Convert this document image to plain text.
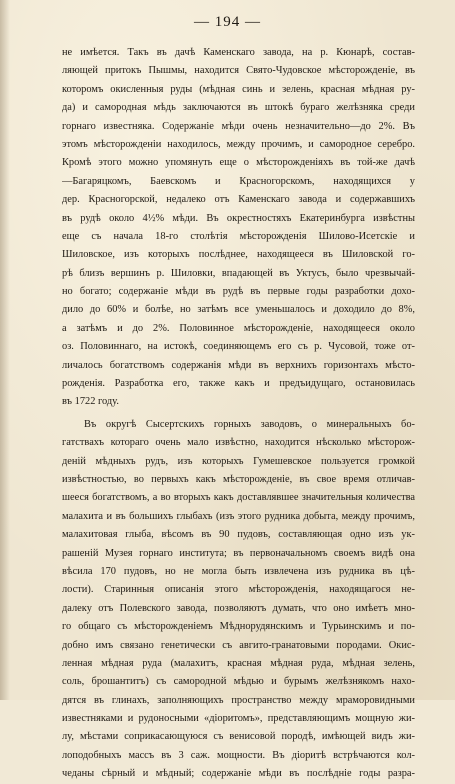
— 194 —
не имѣется. Такъ въ дачѣ Каменскаго завода, на р. Кюнарѣ, состав-
ляющей притокъ Пышмы, находится Свято-Чудовское мѣсторожденіе, въ
которомъ окисленныя руды (мѣдная синь и зелень, красная мѣдная ру-
да) и самородная мѣдь заключаются въ штокѣ бураго желѣзняка среди
горнаго известняка. Содержаніе мѣди очень незначительно—до 2%. Въ
этомъ мѣсторожденіи находилось, между прочимъ, и самородное серебро.
Кромѣ этого можно упомянуть еще о мѣсторожденіяхъ въ той-же дачѣ
—Багаряцкомъ, Баевскомъ и Красногорскомъ, находящихся у
дер. Красногорской, недалеко отъ Каменскаго завода и содержавшихъ
въ рудѣ около 4½% мѣди. Въ окрестностяхъ Екатеринбурга извѣстны
еще съ начала 18-го столѣтія мѣсторожденія Шилово-Исетскіе и
Шиловское, изъ которыхъ послѣднее, находящееся въ Шиловской го-
рѣ близъ вершинъ р. Шиловки, впадающей въ Уктусъ, было чрезвычай-
но богато; содержаніе мѣди въ рудѣ въ первые годы разработки дохо-
дило до 60% и болѣе, но затѣмъ все уменьшалось и доходило до 8%,
а затѣмъ и до 2%. Половинное мѣсторожденіе, находящееся около
оз. Половиннаго, на истокѣ, соединяющемъ его съ р. Чусовой, тоже от-
личалось богатствомъ содержанія мѣди въ верхнихъ горизонтахъ мѣсто-
рожденія. Разработка его, также какъ и предъидущаго, остановилась
въ 1722 году.
Въ округѣ Сысертскихъ горныхъ заводовъ, о минеральныхъ бо-
гатствахъ котораго очень мало извѣстно, находится нѣсколько мѣсторож-
деній мѣдныхъ рудъ, изъ которыхъ Гумешевское пользуется громкой
извѣстностью, во первыхъ какъ мѣсторожденіе, въ свое время отличав-
шееся богатствомъ, а во вторыхъ какъ доставлявшее значительныя количества
малахита и въ большихъ глыбахъ (изъ этого рудника добыта, между прочимъ,
малахитовая глыба, вѣсомъ въ 90 пудовъ, составляющая одно изъ ук-
рашеній Музея горнаго института; въ первоначальномъ своемъ видѣ она
вѣсила 170 пудовъ, но не могла быть извлечена изъ рудника въ цѣ-
лости). Старинныя описанія этого мѣсторожденія, находящагося не-
далеку отъ Полевского завода, позволяютъ думать, что оно имѣетъ мно-
го общаго съ мѣсторожденіемъ Мѣднорудянскимъ и Турьинскимъ и по-
добно имъ связано генетически съ авгито-гранатовыми породами. Окис-
ленная мѣдная руда (малахитъ, красная мѣдная руда, мѣдная зелень,
соль, брошантитъ) съ самородной мѣдью и бурымъ желѣзнякомъ нахо-
дятся въ глинахъ, заполняющихъ пространство между мраморовидными
известняками и рудоносными «діоритомъ», представляющимъ мощную жи-
лу, мѣстами соприкасающуюся съ венисовой породѣ, имѣющей видъ жи-
лоподобныхъ массъ въ 3 саж. мощности. Въ діоритѣ встрѣчаются кол-
чеданы сѣрный и мѣдный; содержаніе мѣди въ послѣдніе годы разра-
